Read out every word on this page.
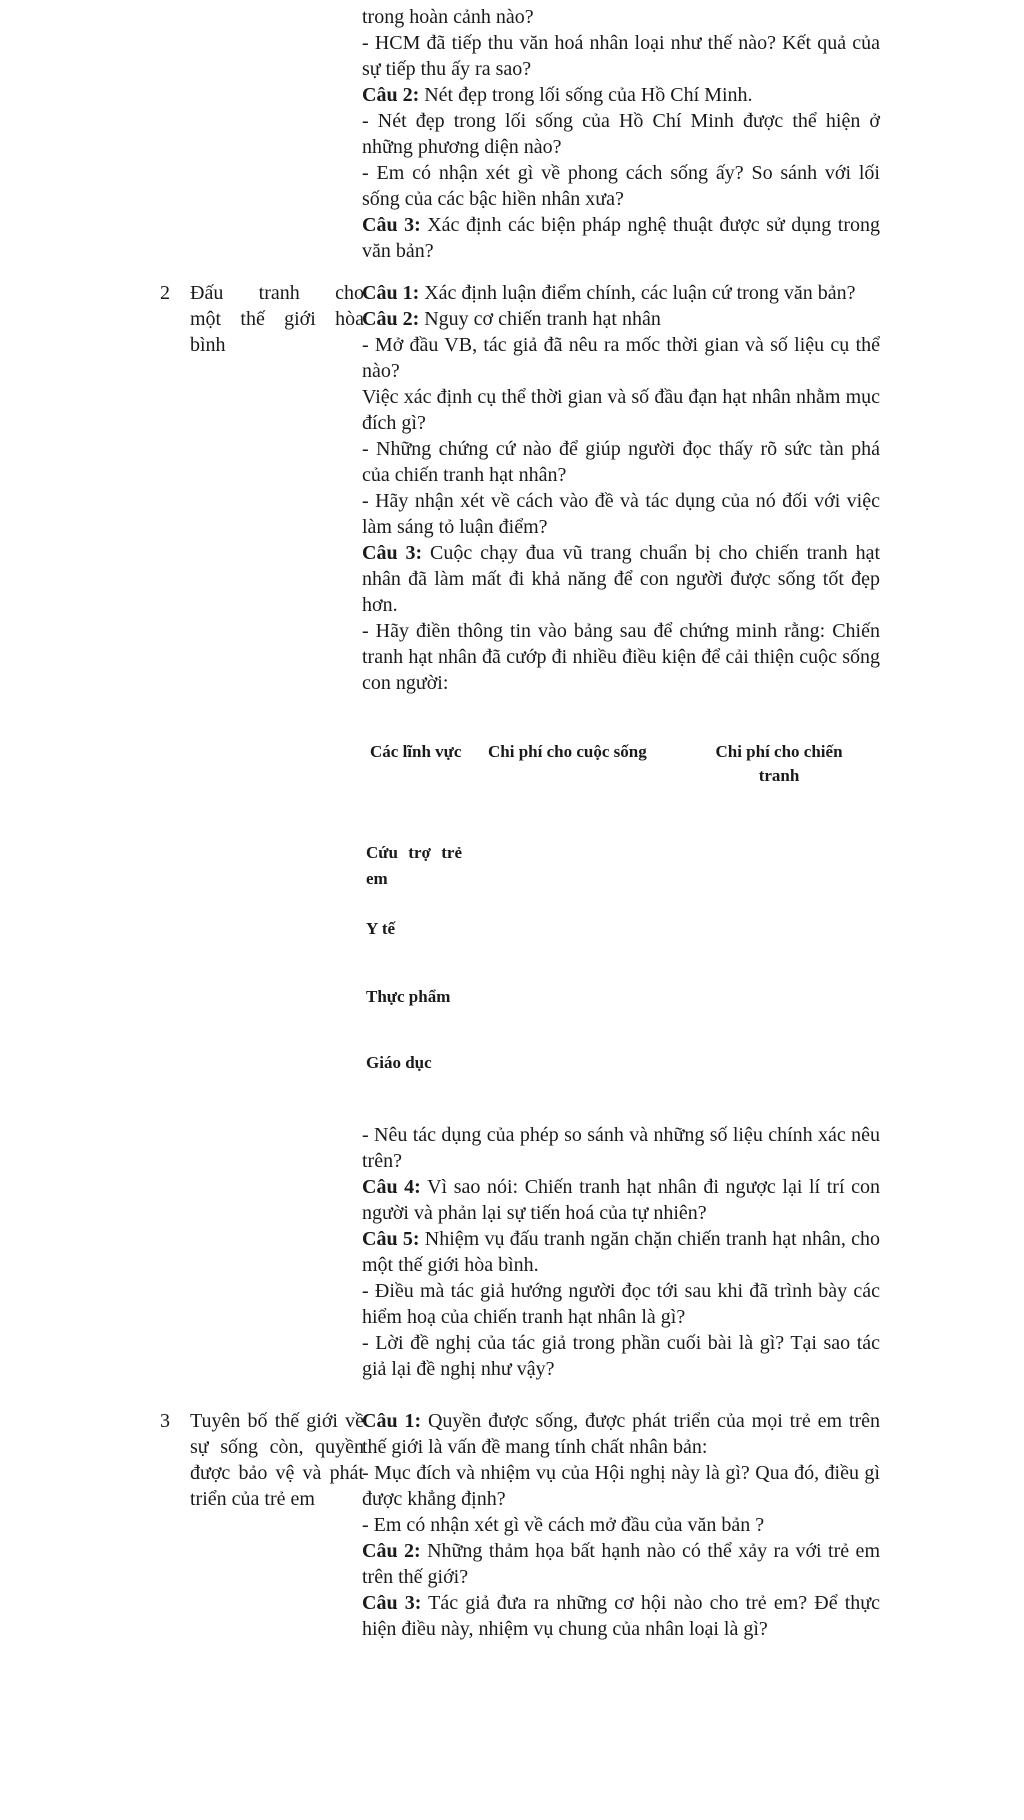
trong hoàn cảnh nào?

- HCM đã tiếp thu văn hoá nhân loại như thế nào? Kết quả của sự tiếp thu ấy ra sao?

Câu 2: Nét đẹp trong lối sống của Hồ Chí Minh.

- Nét đẹp trong lối sống của Hồ Chí Minh được thể hiện ở những phương diện nào?

- Em có nhận xét gì về phong cách sống ấy? So sánh với lối sống của các bậc hiền nhân xưa?

Câu 3: Xác định các biện pháp nghệ thuật được sử dụng trong văn bản?

2 Đấu tranh cho
một thế giới hòa
bình

Câu 1: Xác định luận điểm chính, các luận cứ trong văn bản?

Câu 2: Nguy cơ chiến tranh hạt nhân

- Mở đầu VB, tác giả đã nêu ra mốc thời gian và số liệu cụ thể nào?

Việc xác định cụ thể thời gian và số đầu đạn hạt nhân nhằm mục đích gì?

- Những chứng cứ nào để giúp người đọc thấy rõ sức tàn phá của chiến tranh hạt nhân?

- Hãy nhận xét về cách vào đề và tác dụng của nó đối với việc làm sáng tỏ luận điểm?

Câu 3: Cuộc chạy đua vũ trang chuẩn bị cho chiến tranh hạt nhân đã làm mất đi khả năng để con người được sống tốt đẹp hơn.

- Hãy điền thông tin vào bảng sau để chứng minh rằng: Chiến tranh hạt nhân đã cướp đi nhiều điều kiện để cải thiện cuộc sống con người:

Các lĩnh vực Chi phí cho cuộc sống	Chi phí cho chiến tranh
Cứu trợ trẻ em
Y tế
Thực phẩm
Giáo dục

- Nêu tác dụng của phép so sánh và những số liệu chính xác nêu trên?

Câu 4: Vì sao nói: Chiến tranh hạt nhân đi ngược lại lí trí con người và phản lại sự tiến hoá của tự nhiên?

Câu 5: Nhiệm vụ đấu tranh ngăn chặn chiến tranh hạt nhân, cho một thế giới hòa bình.

- Điều mà tác giả hướng người đọc tới sau khi đã trình bày các hiểm hoạ của chiến tranh hạt nhân là gì?

- Lời đề nghị của tác giả trong phần cuối bài là gì? Tại sao tác giả lại đề nghị như vậy?

3 Tuyên bố thế giới về sự sống còn, quyền được bảo vệ và phát triển của trẻ em

Câu 1: Quyền được sống, được phát triển của mọi trẻ em trên thế giới là vấn đề mang tính chất nhân bản:

- Mục đích và nhiệm vụ của Hội nghị này là gì? Qua đó, điều gì được khẳng định?

- Em có nhận xét gì về cách mở đầu của văn bản ?

Câu 2: Những thảm họa bất hạnh nào có thể xảy ra với trẻ em trên thế giới?

Câu 3: Tác giả đưa ra những cơ hội nào cho trẻ em? Để thực hiện điều này, nhiệm vụ chung của nhân loại là gì?
